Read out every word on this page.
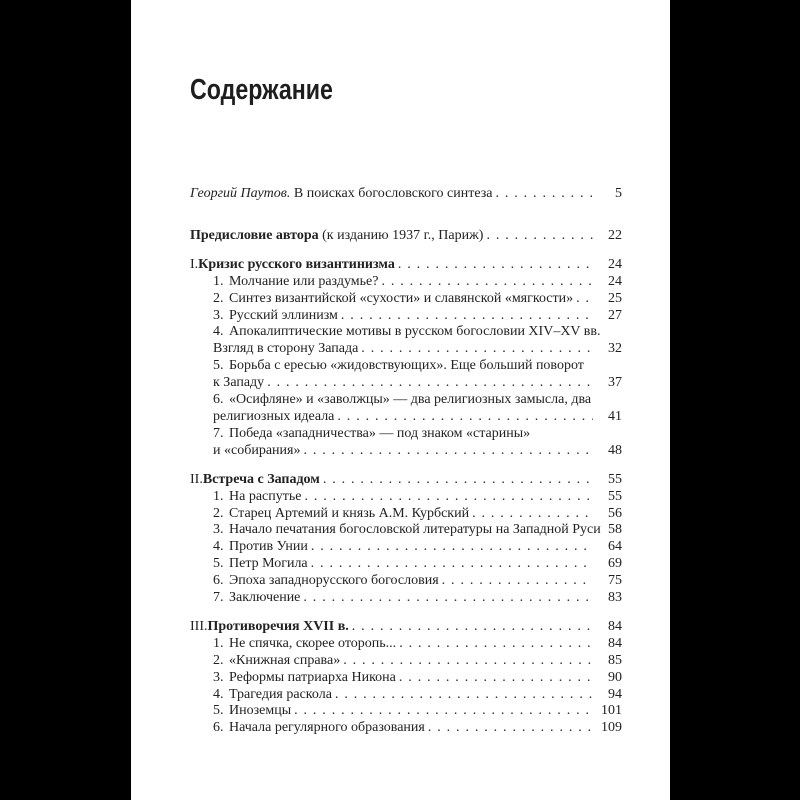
Содержание
Георгий Паутов. В поисках богословского синтеза . . .	5
Предисловие автора (к изданию 1937 г., Париж) . . .	22
I.Кризис русского византинизма . . .	24
1. Молчание или раздумье? . . .	24
2. Синтез византийской «сухости» и славянской «мягкости» . . .	25
3. Русский эллинизм . . .	27
4. Апокалиптические мотивы в русском богословии XIV–XV вв.
Взгляд в сторону Запада . . .	32
5. Борьба с ересью «жидовствующих». Еще больший поворот
к Западу . . .	37
6. «Осифляне» и «заволжцы» — два религиозных замысла, два
религиозных идеала . . .	41
7. Победа «западничества» — под знаком «старины»
и «собирания» . . .	48
II.Встреча с Западом . . .	55
1. На распутье . . .	55
2. Старец Артемий и князь А.М. Курбский . . .	56
3. Начало печатания богословской литературы на Западной Руси 58
4. Против Унии . . .	64
5. Петр Могила . . .	69
6. Эпоха западнорусского богословия . . .	75
7. Заключение . . .	83
III.Противоречия XVII в. . . .	84
1. Не спячка, скорее оторопь... . . .	84
2. «Книжная справа» . . .	85
3. Реформы патриарха Никона . . .	90
4. Трагедия раскола . . .	94
5. Иноземцы . . .	101
6. Начала регулярного образования . . .	109
